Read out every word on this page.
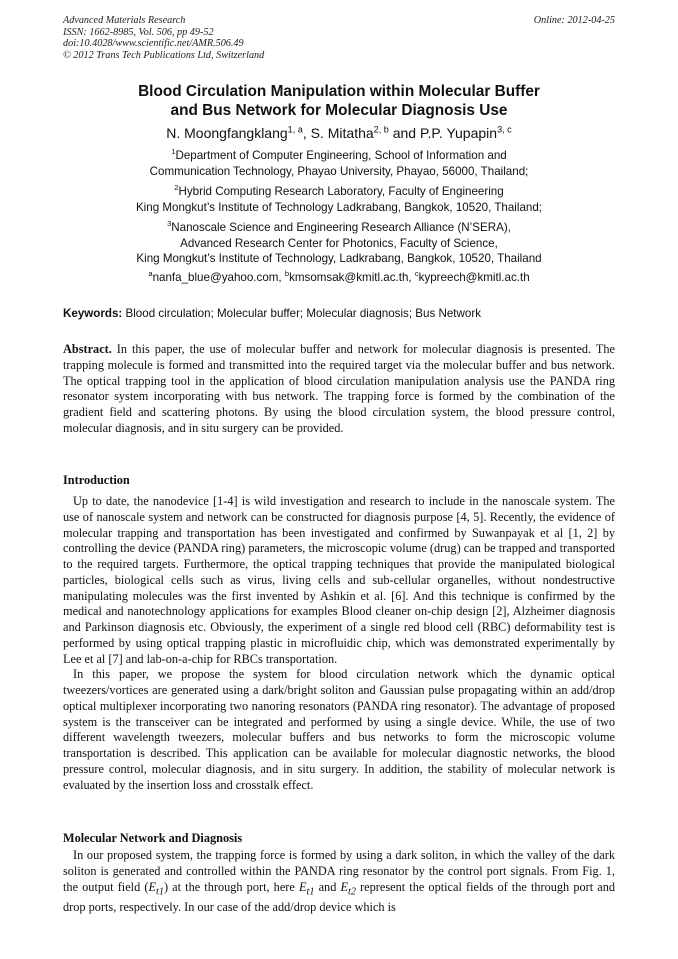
Advanced Materials Research
ISSN: 1662-8985, Vol. 506, pp 49-52
doi:10.4028/www.scientific.net/AMR.506.49
© 2012 Trans Tech Publications Ltd, Switzerland
Online: 2012-04-25
Blood Circulation Manipulation within Molecular Buffer
and Bus Network for Molecular Diagnosis Use
N. Moongfangklang$^{1, a}$, S. Mitatha$^{2, b}$ and P.P. Yupapin$^{3, c}$
$^1$Department of Computer Engineering, School of Information and
Communication Technology, Phayao University, Phayao, 56000, Thailand;
$^2$Hybrid Computing Research Laboratory, Faculty of Engineering
King Mongkut’s Institute of Technology Ladkrabang, Bangkok, 10520, Thailand;
$^3$Nanoscale Science and Engineering Research Alliance (N’SERA),
Advanced Research Center for Photonics, Faculty of Science,
King Mongkut’s Institute of Technology, Ladkrabang, Bangkok, 10520, Thailand
$^a$nanfa_blue@yahoo.com, $^b$kmsomsak@kmitl.ac.th, $^c$kypreech@kmitl.ac.th
Keywords: Blood circulation; Molecular buffer; Molecular diagnosis; Bus Network
Abstract. In this paper, the use of molecular buffer and network for molecular diagnosis is presented. The trapping molecule is formed and transmitted into the required target via the molecular buffer and bus network. The optical trapping tool in the application of blood circulation manipulation analysis use the PANDA ring resonator system incorporating with bus network. The trapping force is formed by the combination of the gradient field and scattering photons. By using the blood circulation system, the blood pressure control, molecular diagnosis, and in situ surgery can be provided.
Introduction

Up to date, the nanodevice [1-4] is wild investigation and research to include in the nanoscale system. The use of nanoscale system and network can be constructed for diagnosis purpose [4, 5]. Recently, the evidence of molecular trapping and transportation has been investigated and confirmed by Suwanpayak et al [1, 2] by controlling the device (PANDA ring) parameters, the microscopic volume (drug) can be trapped and transported to the required targets. Furthermore, the optical trapping techniques that provide the manipulated biological particles, biological cells such as virus, living cells and sub-cellular organelles, without nondestructive manipulating molecules was the first invented by Ashkin et al. [6]. And this technique is confirmed by the medical and nanotechnology applications for examples Blood cleaner on-chip design [2], Alzheimer diagnosis and Parkinson diagnosis etc. Obviously, the experiment of a single red blood cell (RBC) deformability test is performed by using optical trapping plastic in microfluidic chip, which was demonstrated experimentally by Lee et al [7] and lab-on-a-chip for RBCs transportation.

In this paper, we propose the system for blood circulation network which the dynamic optical tweezers/vortices are generated using a dark/bright soliton and Gaussian pulse propagating within an add/drop optical multiplexer incorporating two nanoring resonators (PANDA ring resonator). The advantage of proposed system is the transceiver can be integrated and performed by using a single device. While, the use of two different wavelength tweezers, molecular buffers and bus networks to form the microscopic volume transportation is described. This application can be available for molecular diagnostic networks, the blood pressure control, molecular diagnosis, and in situ surgery. In addition, the stability of molecular network is evaluated by the insertion loss and crosstalk effect.

Molecular Network and Diagnosis

In our proposed system, the trapping force is formed by using a dark soliton, in which the valley of the dark soliton is generated and controlled within the PANDA ring resonator by the control port signals. From Fig. 1, the output field $(E_{t1})$ at the through port, here $E_{t1}$ and $E_{t2}$ represent the optical fields of the through port and drop ports, respectively. In our case of the add/drop device which is
